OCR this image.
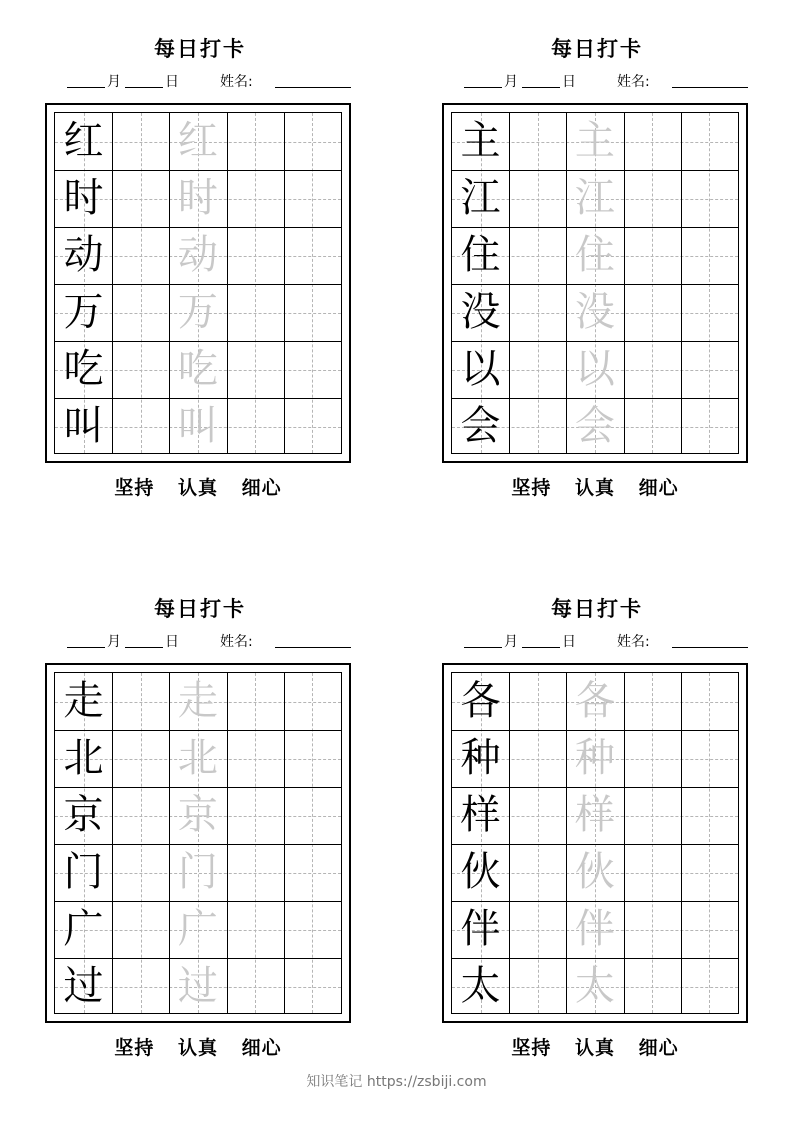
每日打卡
月	日	姓名:
红 红
时 时
动 动
万 万
吃 吃
叫 叫
坚持 认真 细心
每日打卡
月	日	姓名:
主 主
江 江
住 住
没 没
以 以
会 会
坚持 认真 细心
每日打卡
月	日	姓名:
走 走
北 北
京 京
门 门
广 广
过 过
坚持 认真 细心
每日打卡
月	日	姓名:
各 各
种 种
样 样
伙 伙
伴 伴
太 太
坚持 认真 细心
知识笔记 https://zsbiji.com
